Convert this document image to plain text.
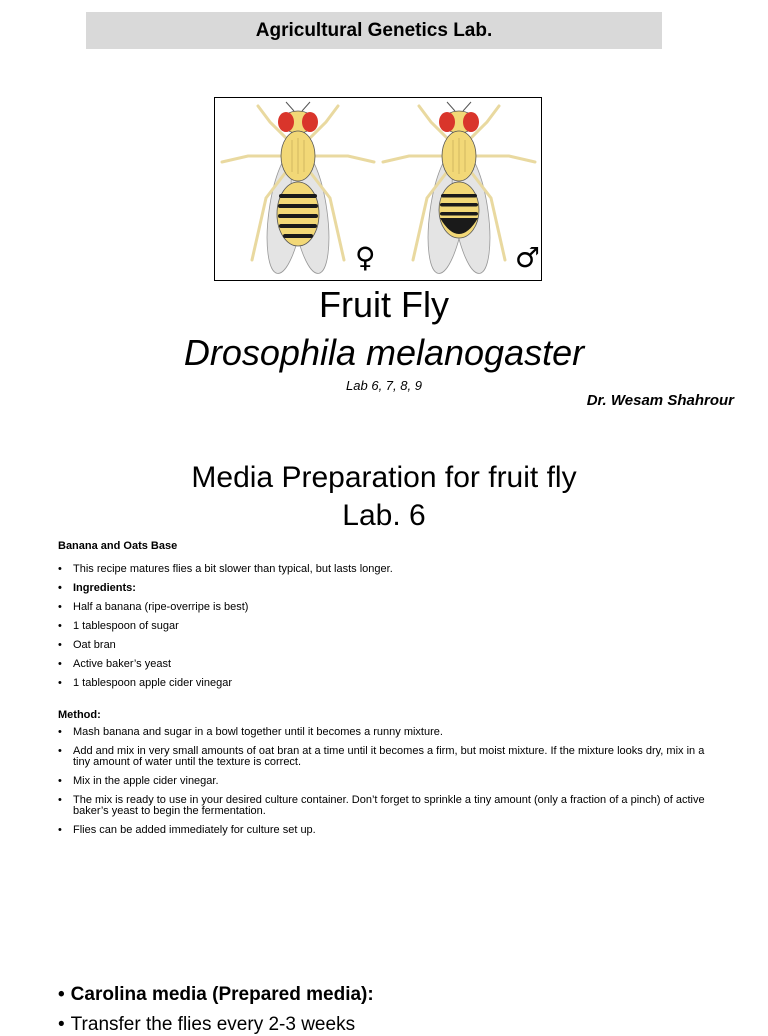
Agricultural Genetics Lab.
♀	♂
Fruit Fly
Drosophila melanogaster
Lab 6, 7, 8, 9
Dr. Wesam Shahrour
Media Preparation for fruit fly
Lab. 6
Banana and Oats Base
• This recipe matures flies a bit slower than typical, but lasts longer.
• Ingredients:
• Half a banana (ripe-overripe is best)
• 1 tablespoon of sugar
• Oat bran
• Active baker’s yeast
• 1 tablespoon apple cider vinegar
Method:
• Mash banana and sugar in a bowl together until it becomes a runny mixture.
• Add and mix in very small amounts of oat bran at a time until it becomes a firm, but moist mixture. If the mixture looks dry, mix in a tiny amount of water until the texture is correct.
• Mix in the apple cider vinegar.
• The mix is ready to use in your desired culture container. Don’t forget to sprinkle a tiny amount (only a fraction of a pinch) of active baker’s yeast to begin the fermentation.
• Flies can be added immediately for culture set up.
• Carolina media (Prepared media):
• Transfer the flies every 2-3 weeks
